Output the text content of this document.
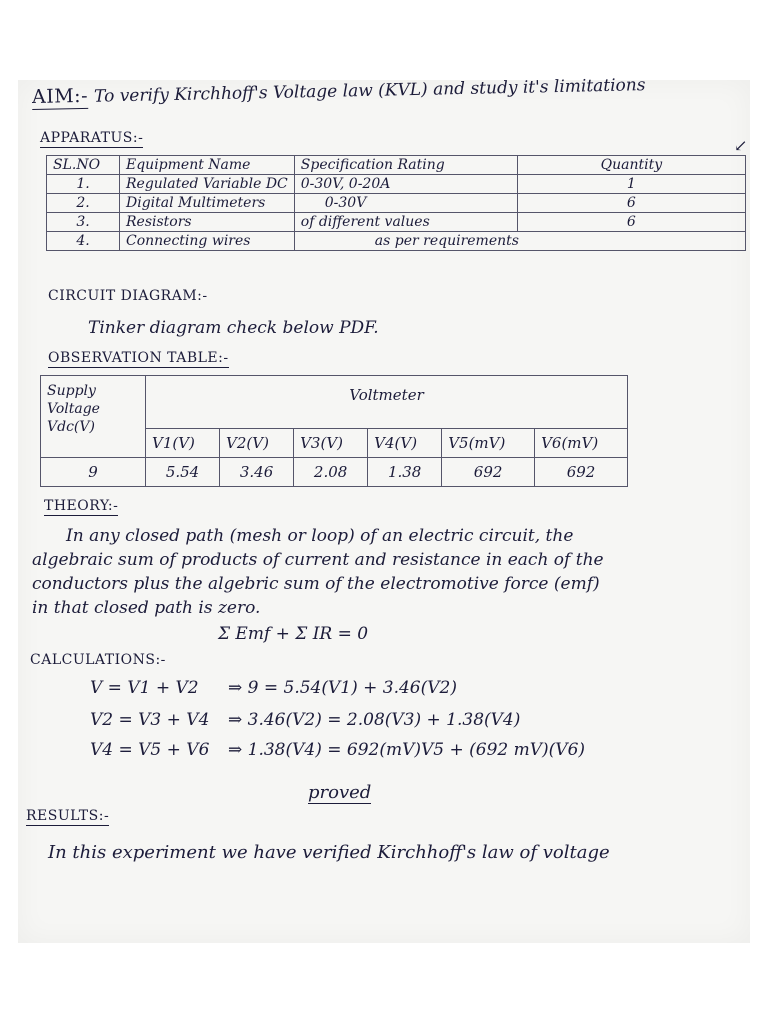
AIM:- To verify Kirchhoff's Voltage law (KVL) and study it's limitations
↙
APPARATUS:-
SL.NO	Equipment Name	Specification Rating	Quantity
1.	Regulated Variable DC	0-30V, 0-20A	1
2.	Digital Multimeters	0-30V	6
3.	Resistors	of different values	6
4.	Connecting wires	as per requirements	
CIRCUIT DIAGRAM:-
Tinker diagram check below PDF.
OBSERVATION TABLE:-
Supply Voltage Vdc(V)	Voltmeter					
	V1(V)	V2(V)	V3(V)	V4(V)	V5(mV)	V6(mV)
9	5.54	3.46	2.08	1.38	692	692
THEORY:-
In any closed path (mesh or loop) of an electric circuit, the
algebraic sum of products of current and resistance in each of the
conductors plus the algebric sum of the electromotive force (emf)
in that closed path is zero.
Σ Emf + Σ IR = 0
CALCULATIONS:-
V = V1 + V2 ⇒ 9 = 5.54(V1) + 3.46(V2)
V2 = V3 + V4 ⇒ 3.46(V2) = 2.08(V3) + 1.38(V4)
V4 = V5 + V6 ⇒ 1.38(V4) = 692(mV)V5 + (692 mV)(V6)
proved
RESULTS:-
In this experiment we have verified Kirchhoff's law of voltage
